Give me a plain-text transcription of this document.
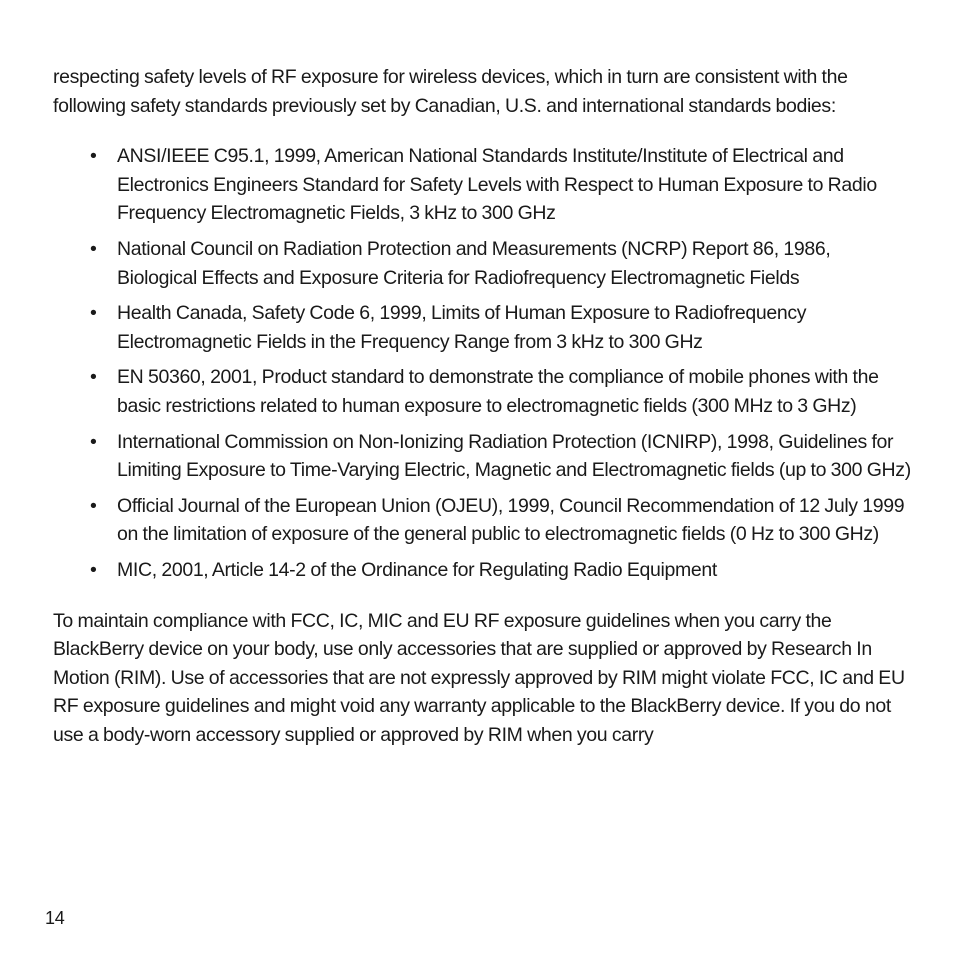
respecting safety levels of RF exposure for wireless devices, which in turn are consistent with the following safety standards previously set by Canadian, U.S. and international standards bodies:

• ANSI/IEEE C95.1, 1999, American National Standards Institute/Institute of Electrical and Electronics Engineers Standard for Safety Levels with Respect to Human Exposure to Radio Frequency Electromagnetic Fields, 3 kHz to 300 GHz
• National Council on Radiation Protection and Measurements (NCRP) Report 86, 1986, Biological Effects and Exposure Criteria for Radiofrequency Electromagnetic Fields
• Health Canada, Safety Code 6, 1999, Limits of Human Exposure to Radiofrequency Electromagnetic Fields in the Frequency Range from 3 kHz to 300 GHz
• EN 50360, 2001, Product standard to demonstrate the compliance of mobile phones with the basic restrictions related to human exposure to electromagnetic fields (300 MHz to 3 GHz)
• International Commission on Non-Ionizing Radiation Protection (ICNIRP), 1998, Guidelines for Limiting Exposure to Time-Varying Electric, Magnetic and Electromagnetic fields (up to 300 GHz)
• Official Journal of the European Union (OJEU), 1999, Council Recommendation of 12 July 1999 on the limitation of exposure of the general public to electromagnetic fields (0 Hz to 300 GHz)
• MIC, 2001, Article 14-2 of the Ordinance for Regulating Radio Equipment

To maintain compliance with FCC, IC, MIC and EU RF exposure guidelines when you carry the BlackBerry device on your body, use only accessories that are supplied or approved by Research In Motion (RIM). Use of accessories that are not expressly approved by RIM might violate FCC, IC and EU RF exposure guidelines and might void any warranty applicable to the BlackBerry device. If you do not use a body-worn accessory supplied or approved by RIM when you carry

14
